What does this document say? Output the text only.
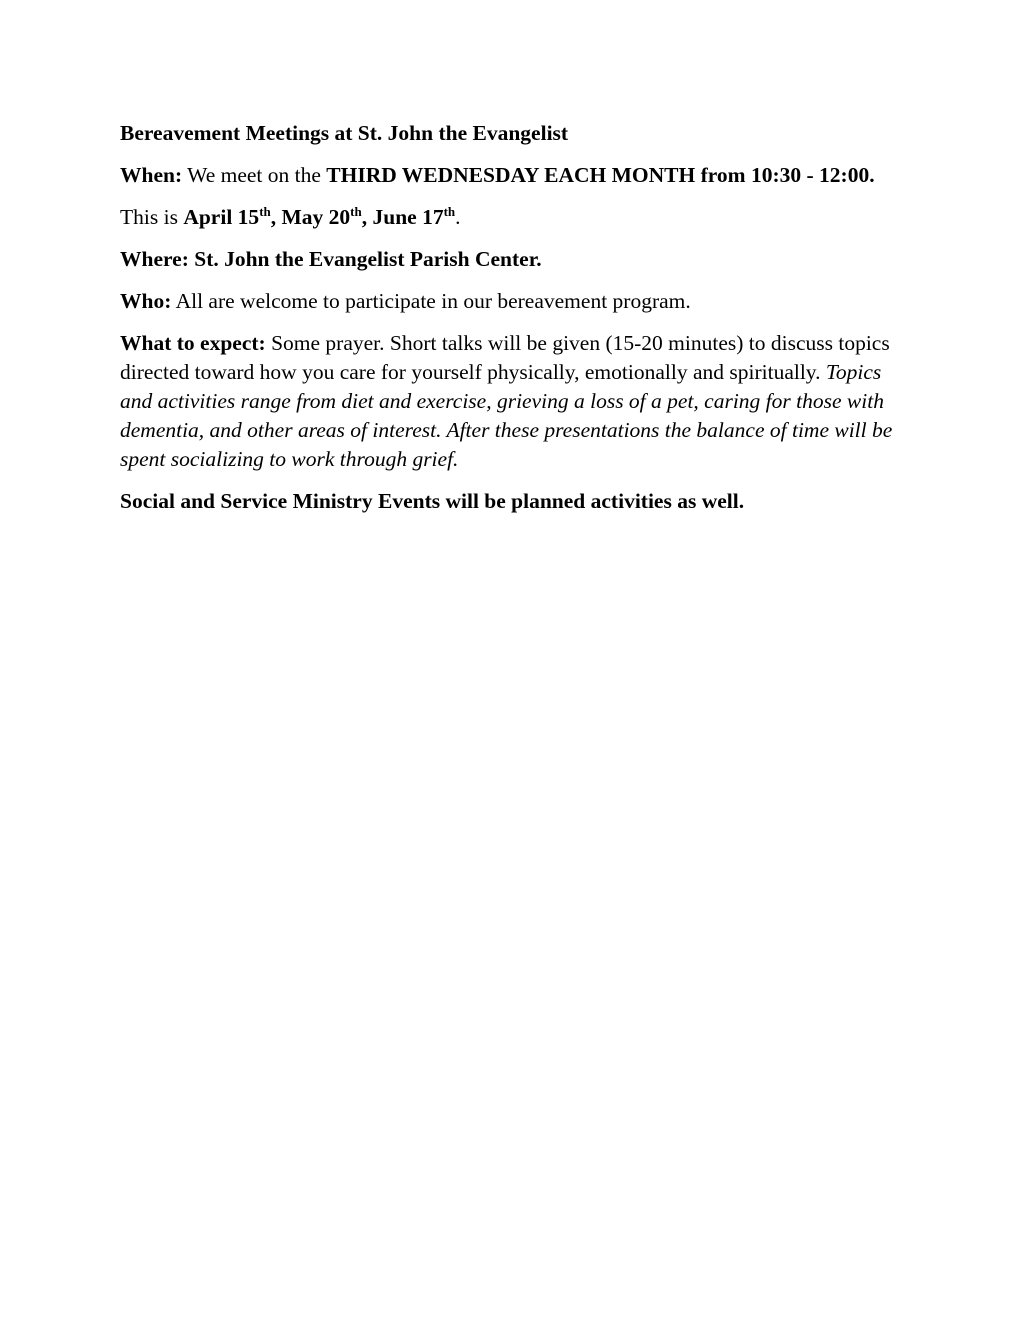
Bereavement Meetings at St. John the Evangelist

When: We meet on the THIRD WEDNESDAY EACH MONTH from 10:30 - 12:00.

This is April 15th, May 20th, June 17th.

Where: St. John the Evangelist Parish Center.

Who: All are welcome to participate in our bereavement program.

What to expect: Some prayer. Short talks will be given (15-20 minutes) to discuss topics directed toward how you care for yourself physically, emotionally and spiritually. Topics and activities range from diet and exercise, grieving a loss of a pet, caring for those with dementia, and other areas of interest. After these presentations the balance of time will be spent socializing to work through grief.

Social and Service Ministry Events will be planned activities as well.
